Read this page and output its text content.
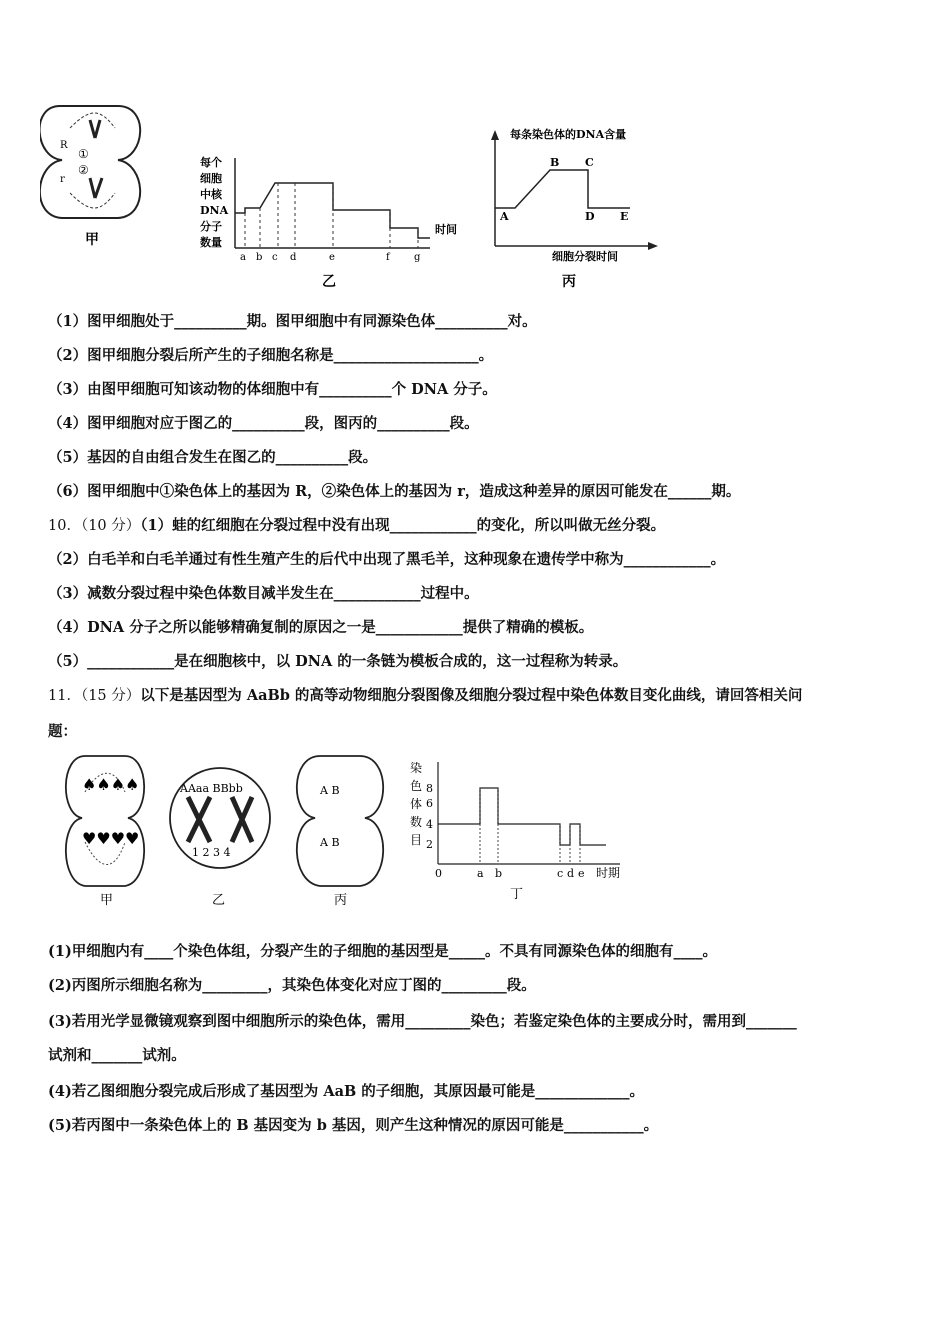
R
r
①
②
甲
每个
细胞
中核
DNA
分子
数量
a b c d	e	f g
时间
乙
每条染色体的DNA含量
A
B C
D E
细胞分裂时间
丙
（1）图甲细胞处于__________期。图甲细胞中有同源染色体__________对。
（2）图甲细胞分裂后所产生的子细胞名称是____________________。
（3）由图甲细胞可知该动物的体细胞中有__________个 DNA 分子。
（4）图甲细胞对应于图乙的__________段，图丙的__________段。
（5）基因的自由组合发生在图乙的__________段。
（6）图甲细胞中①染色体上的基因为 R，②染色体上的基因为 r，造成这种差异的原因可能发在______期。
10．（10 分）（1）蛙的红细胞在分裂过程中没有出现____________的变化，所以叫做无丝分裂。
（2）白毛羊和白毛羊通过有性生殖产生的后代中出现了黑毛羊，这种现象在遗传学中称为____________。
（3）减数分裂过程中染色体数目减半发生在____________过程中。
（4）DNA 分子之所以能够精确复制的原因之一是____________提供了精确的模板。
（5）____________是在细胞核中，以 DNA 的一条链为模板合成的，这一过程称为转录。
11．（15 分）以下是基因型为 AaBb 的高等动物细胞分裂图像及细胞分裂过程中染色体数目变化曲线，请回答相关问
题：
♠♠♠♠
♥♥♥♥
甲
AAaa BBbb
1 2 3 4
乙
A B
A B
丙
染
色
体
数
目
8
6
4
2
0	a b	c d e 时期
丁
(1)甲细胞内有____个染色体组，分裂产生的子细胞的基因型是_____。不具有同源染色体的细胞有____。
(2)丙图所示细胞名称为_________，其染色体变化对应丁图的_________段。
(3)若用光学显微镜观察到图中细胞所示的染色体，需用_________染色；若鉴定染色体的主要成分时，需用到_______
试剂和_______试剂。
(4)若乙图细胞分裂完成后形成了基因型为 AaB 的子细胞，其原因最可能是_____________。
(5)若丙图中一条染色体上的 B 基因变为 b 基因，则产生这种情况的原因可能是___________。
